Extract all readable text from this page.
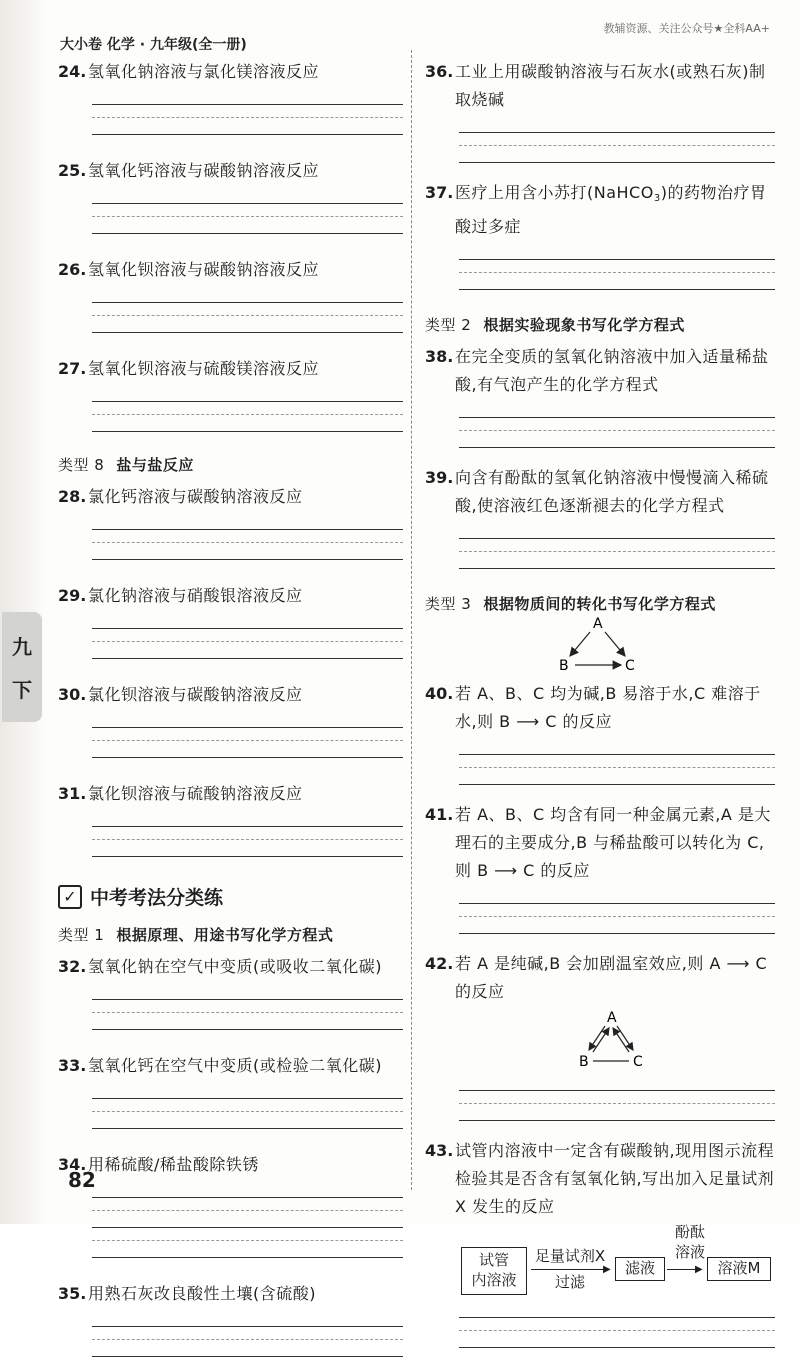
大小卷 化学 · 九年级(全一册)
教辅资源、关注公众号★全科AA+
九
下
24. 氢氧化钠溶液与氯化镁溶液反应
25. 氢氧化钙溶液与碳酸钠溶液反应
26. 氢氧化钡溶液与碳酸钠溶液反应
27. 氢氧化钡溶液与硫酸镁溶液反应
类型 8 盐与盐反应
28. 氯化钙溶液与碳酸钠溶液反应
29. 氯化钠溶液与硝酸银溶液反应
30. 氯化钡溶液与碳酸钠溶液反应
31. 氯化钡溶液与硫酸钠溶液反应
✓ 中考考法分类练
类型 1 根据原理、用途书写化学方程式
32. 氢氧化钠在空气中变质(或吸收二氧化碳)
33. 氢氧化钙在空气中变质(或检验二氧化碳)
34. 用稀硫酸/稀盐酸除铁锈
35. 用熟石灰改良酸性土壤(含硫酸)
36. 工业上用碳酸钠溶液与石灰水(或熟石灰)制取烧碱
37. 医疗上用含小苏打(NaHCO$_3$)的药物治疗胃酸过多症
类型 2 根据实验现象书写化学方程式
38. 在完全变质的氢氧化钠溶液中加入适量稀盐酸,有气泡产生的化学方程式
39. 向含有酚酞的氢氧化钠溶液中慢慢滴入稀硫酸,使溶液红色逐渐褪去的化学方程式
类型 3 根据物质间的转化书写化学方程式
A
B	C
40. 若 A、B、C 均为碱,B 易溶于水,C 难溶于水,则 B ⟶ C 的反应
41. 若 A、B、C 均含有同一种金属元素,A 是大理石的主要成分,B 与稀盐酸可以转化为 C,则 B ⟶ C 的反应
42. 若 A 是纯碱,B 会加剧温室效应,则 A ⟶ C 的反应
A
B	C
43. 试管内溶液中一定含有碳酸钠,现用图示流程检验其是否含有氢氧化钠,写出加入足量试剂 X 发生的反应
试管
内溶液
足量试剂X
▶
过滤
滤液
酚酞
溶液
▶ 溶液M
82
